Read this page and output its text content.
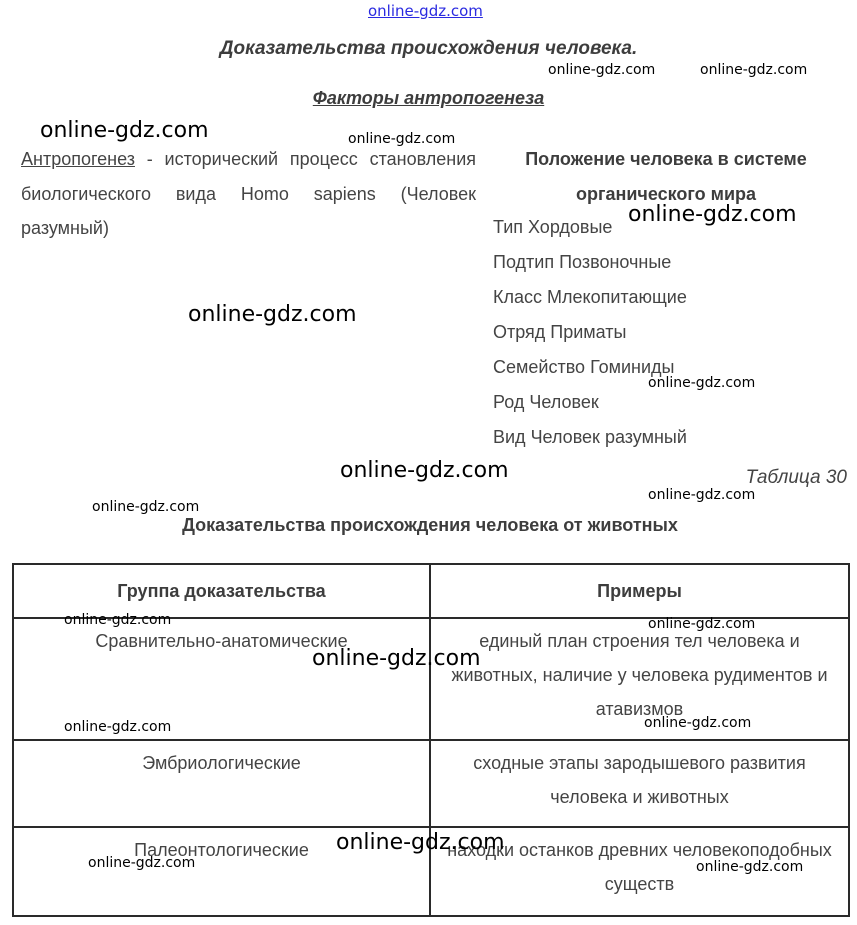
Доказательства происхождения человека.
Факторы антропогенеза
Антропогенез - исторический процесс становления биологического вида Homo sapiens (Человек разумный)
Положение человека в системе органического мира
Тип Хордовые
Подтип Позвоночные
Класс Млекопитающие
Отряд Приматы
Семейство Гоминиды
Род Человек
Вид Человек разумный
Таблица 30
Доказательства происхождения человека от животных
Группа доказательства	Примеры
Сравнительно-анатомические	единый план строения тел человека и животных, наличие у человека рудиментов и атавизмов
Эмбриологические	сходные этапы зародышевого развития человека и животных
Палеонтологические	находки останков древних человекоподобных существ
online-gdz.com
online-gdz.com	online-gdz.com
online-gdz.com	online-gdz.com
online-gdz.com
online-gdz.com
online-gdz.com
online-gdz.com
online-gdz.com
online-gdz.com
online-gdz.com	online-gdz.com
online-gdz.com
online-gdz.com
online-gdz.com
online-gdz.com
online-gdz.com	online-gdz.com
